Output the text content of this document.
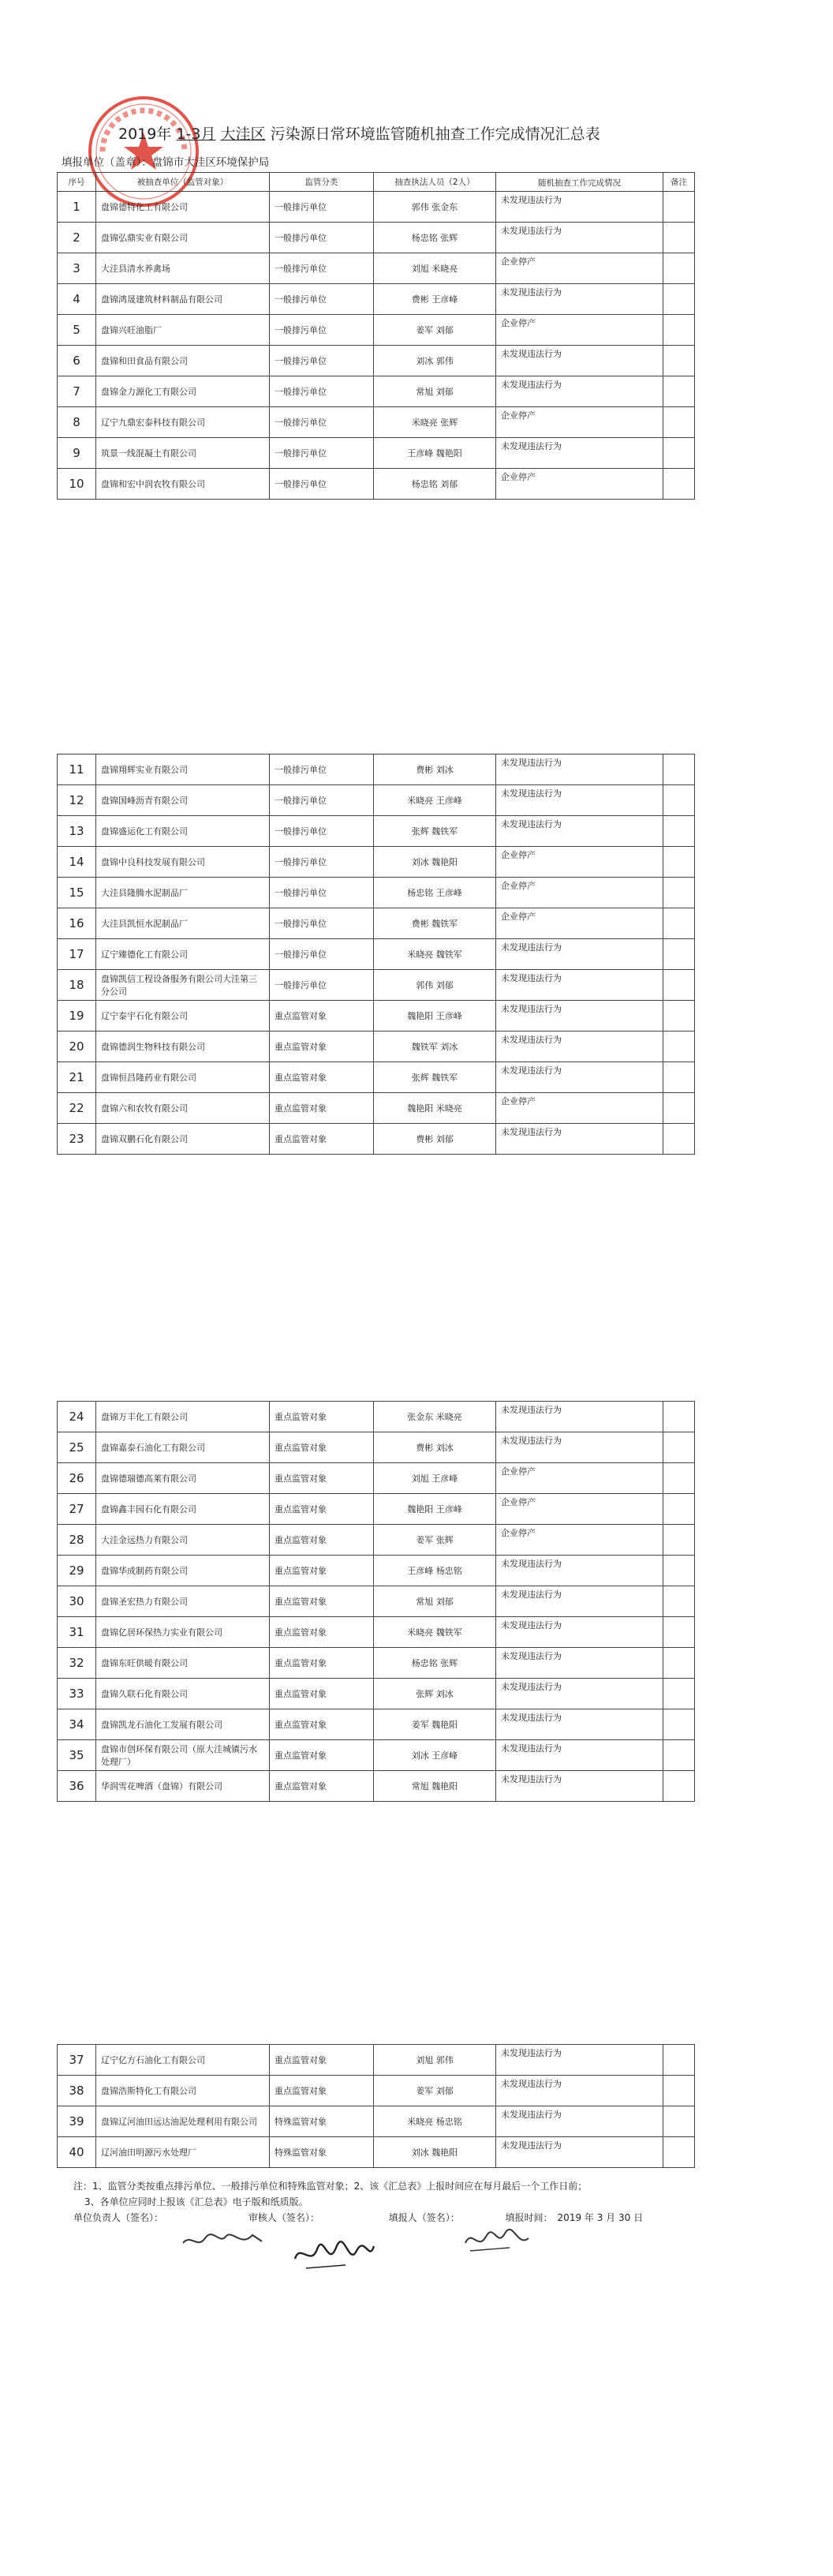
2019年 1-3月 大洼区 污染源日常环境监管随机抽查工作完成情况汇总表
填报单位（盖章）：盘锦市大洼区环境保护局
序号	被抽查单位（监管对象）	监管分类	抽查执法人员（2人）	随机抽查工作完成情况	备注
1	盘锦德特化工有限公司	一般排污单位	郭伟 张金东	未发现违法行为	
2	盘锦弘鼎实业有限公司	一般排污单位	杨忠铭 张辉	未发现违法行为	
3	大洼县清水养禽场	一般排污单位	刘旭 米晓亮	企业停产	
4	盘锦鸿晟建筑材料制品有限公司	一般排污单位	费彬 王彦峰	未发现违法行为	
5	盘锦兴旺油脂厂	一般排污单位	姜军 刘郁	企业停产	
6	盘锦和田食品有限公司	一般排污单位	刘冰 郭伟	未发现违法行为	
7	盘锦金力源化工有限公司	一般排污单位	常旭 刘郁	未发现违法行为	
8	辽宁九鼎宏泰科技有限公司	一般排污单位	米晓亮 张辉	企业停产	
9	筑景一线混凝土有限公司	一般排污单位	王彦峰 魏艳阳	未发现违法行为	
10	盘锦和宏中润农牧有限公司	一般排污单位	杨忠铭 刘郁	企业停产	
11	盘锦翔辉实业有限公司	一般排污单位	费彬 刘冰	未发现违法行为	
12	盘锦国峰沥青有限公司	一般排污单位	米晓亮 王彦峰	未发现违法行为	
13	盘锦盛运化工有限公司	一般排污单位	张辉 魏铁军	未发现违法行为	
14	盘锦中良科技发展有限公司	一般排污单位	刘冰 魏艳阳	企业停产	
15	大洼县隆腾水泥制品厂	一般排污单位	杨忠铭 王彦峰	企业停产	
16	大洼县凯恒水泥制品厂	一般排污单位	费彬 魏铁军	企业停产	
17	辽宁臻德化工有限公司	一般排污单位	米晓亮 魏铁军	未发现违法行为	
18	盘锦凯信工程设备服务有限公司大洼第三分公司	一般排污单位	郭伟 刘郁	未发现违法行为	
19	辽宁泰宇石化有限公司	重点监管对象	魏艳阳 王彦峰	未发现违法行为	
20	盘锦德润生物科技有限公司	重点监管对象	魏铁军 刘冰	未发现违法行为	
21	盘锦恒昌隆药业有限公司	重点监管对象	张辉 魏铁军	未发现违法行为	
22	盘锦六和农牧有限公司	重点监管对象	魏艳阳 米晓亮	企业停产	
23	盘锦双鹏石化有限公司	重点监管对象	费彬 刘郁	未发现违法行为	
24	盘锦万丰化工有限公司	重点监管对象	张金东 米晓亮	未发现违法行为	
25	盘锦嘉泰石油化工有限公司	重点监管对象	费彬 刘冰	未发现违法行为	
26	盘锦德瑞德高莱有限公司	重点监管对象	刘旭 王彦峰	企业停产	
27	盘锦鑫丰园石化有限公司	重点监管对象	魏艳阳 王彦峰	企业停产	
28	大洼金远热力有限公司	重点监管对象	姜军 张辉	企业停产	
29	盘锦华成制药有限公司	重点监管对象	王彦峰 杨忠铭	未发现违法行为	
30	盘锦圣宏热力有限公司	重点监管对象	常旭 刘郁	未发现违法行为	
31	盘锦亿居环保热力实业有限公司	重点监管对象	米晓亮 魏铁军	未发现违法行为	
32	盘锦东旺供暖有限公司	重点监管对象	杨忠铭 张辉	未发现违法行为	
33	盘锦久联石化有限公司	重点监管对象	张辉 刘冰	未发现违法行为	
34	盘锦凯龙石油化工发展有限公司	重点监管对象	姜军 魏艳阳	未发现违法行为	
35	盘锦市创环保有限公司（原大洼城镇污水处理厂）	重点监管对象	刘冰 王彦峰	未发现违法行为	
36	华润雪花啤酒（盘锦）有限公司	重点监管对象	常旭 魏艳阳	未发现违法行为	
37	辽宁亿方石油化工有限公司	重点监管对象	刘旭 郭伟	未发现违法行为	
38	盘锦浩斯特化工有限公司	重点监管对象	姜军 刘郁	未发现违法行为	
39	盘锦辽河油田远达油泥处理利用有限公司	特殊监管对象	米晓亮 杨忠铭	未发现违法行为	
40	辽河油田明源污水处理厂	特殊监管对象	刘冰 魏艳阳	未发现违法行为	
注：1、监管分类按重点排污单位、一般排污单位和特殊监管对象；2、该《汇总表》上报时间应在每月最后一个工作日前；
3、各单位应同时上报该《汇总表》电子版和纸质版。
单位负责人（签名）：	审核人（签名）：	填报人（签名）：	填报时间： 2019 年 3 月 30 日
